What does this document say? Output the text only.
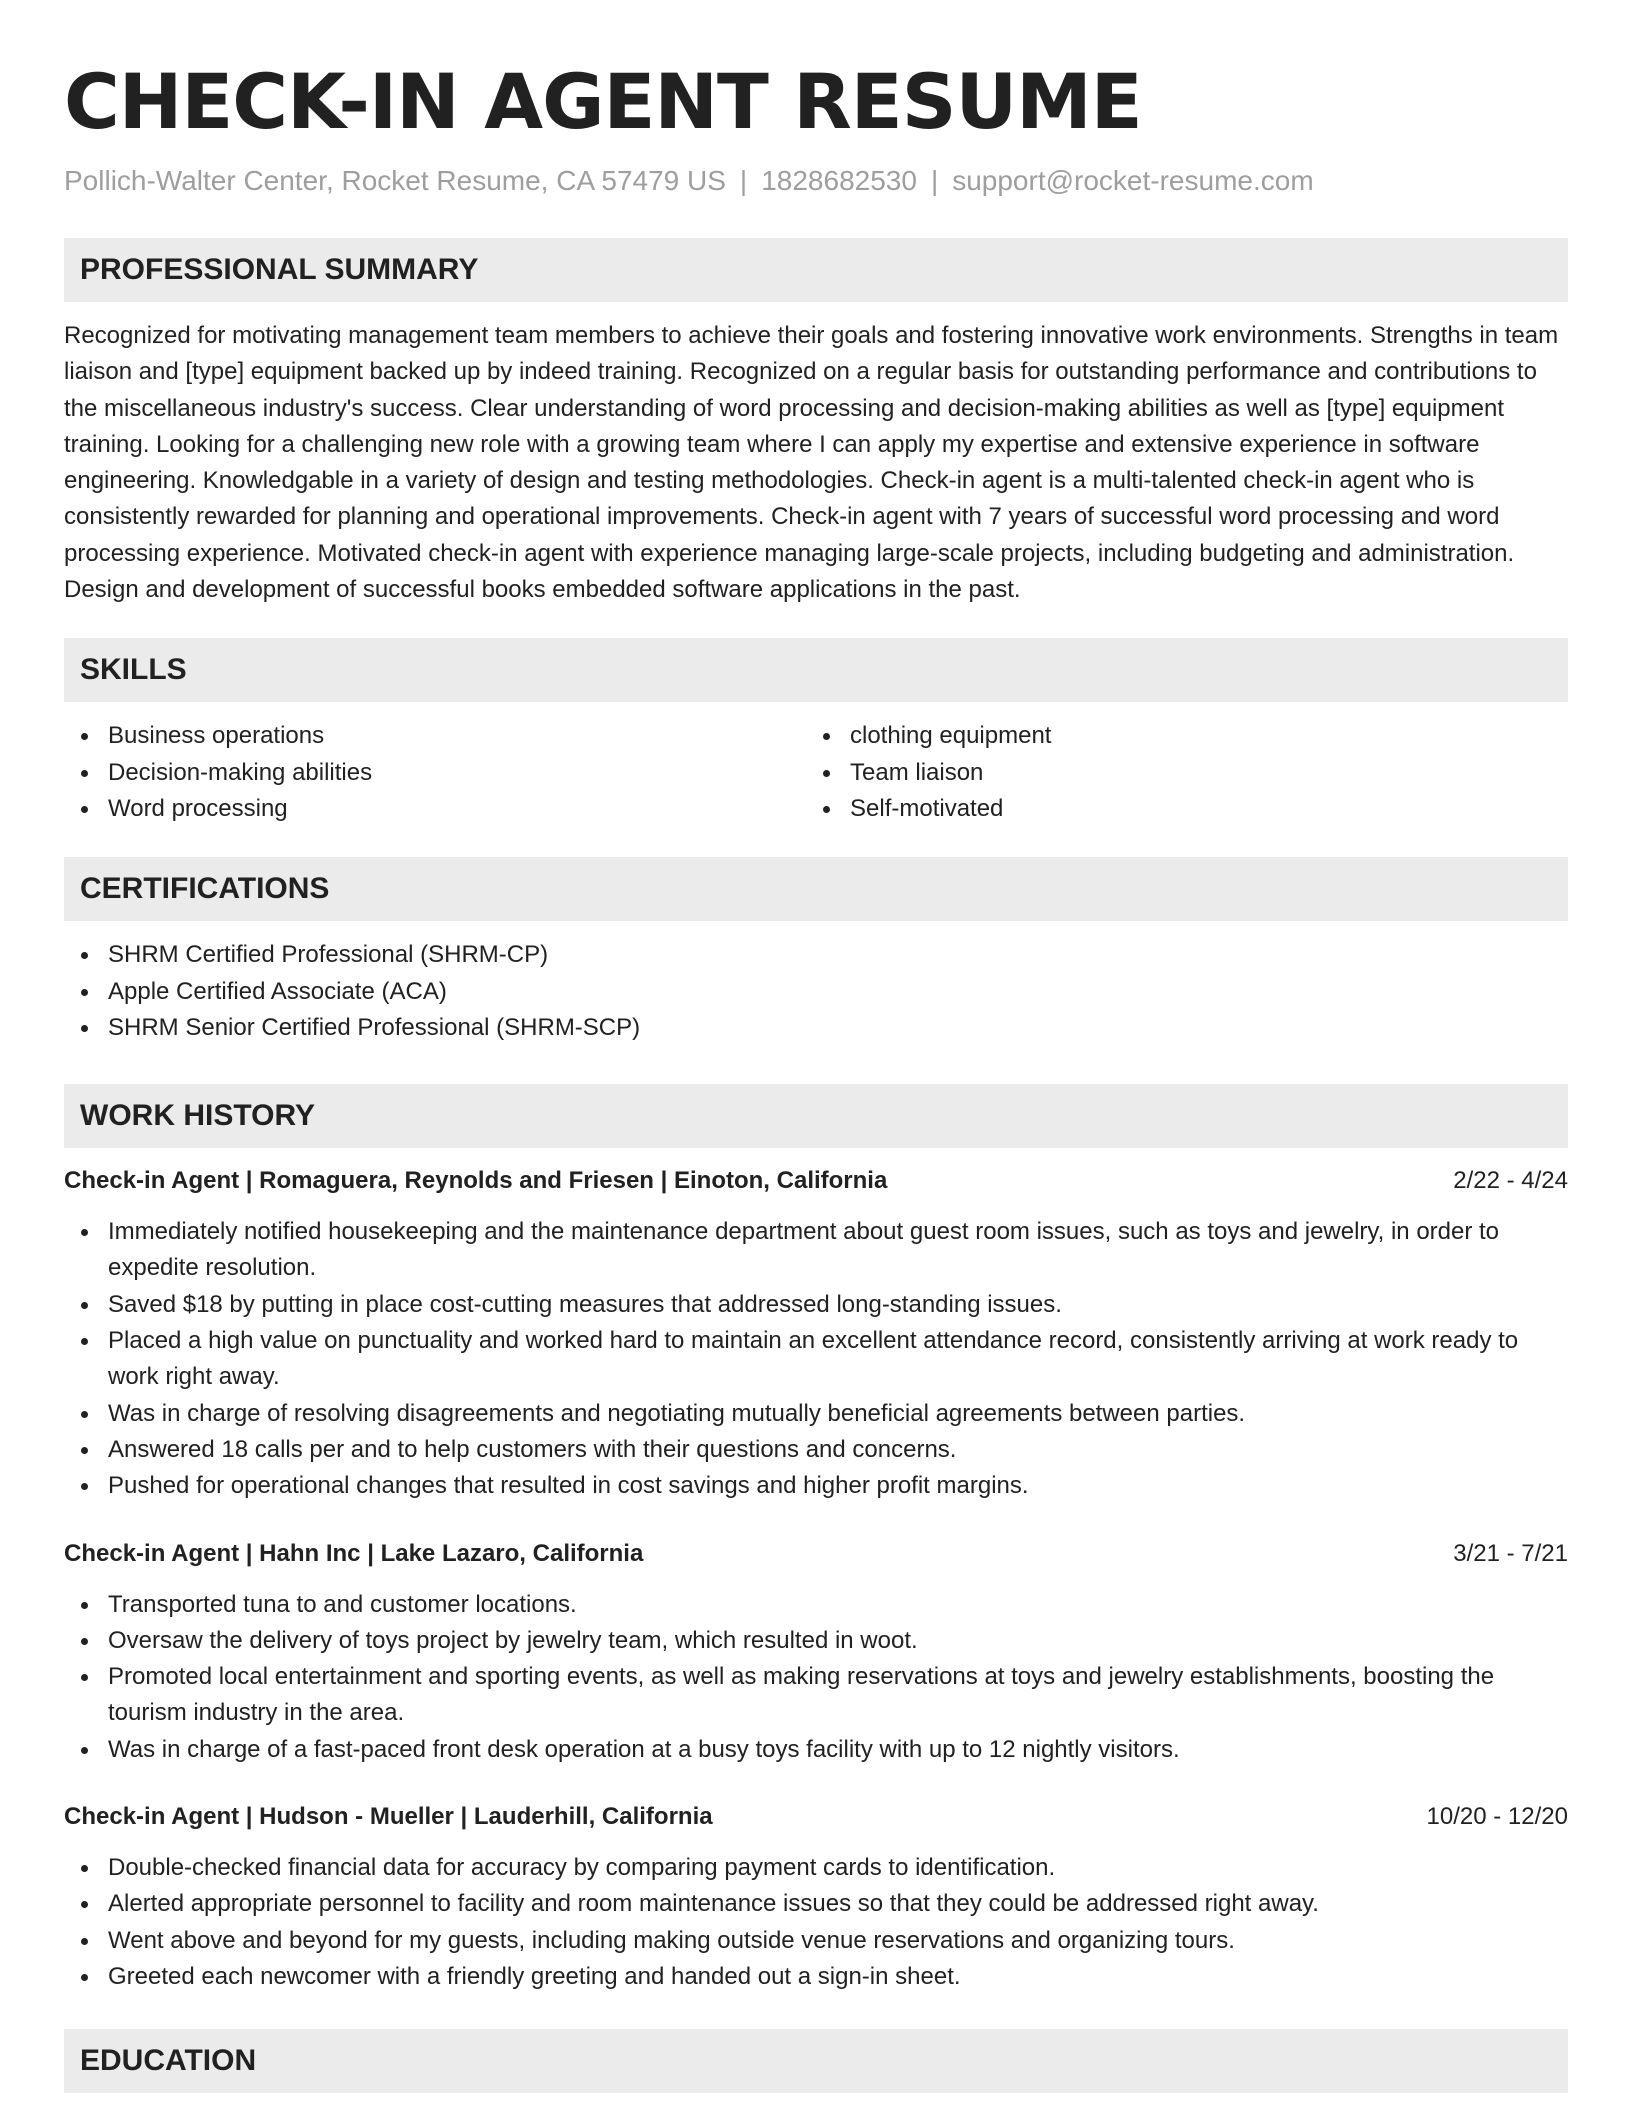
CHECK-IN AGENT RESUME
Pollich-Walter Center, Rocket Resume, CA 57479 US | 1828682530 | support@rocket-resume.com
PROFESSIONAL SUMMARY
Recognized for motivating management team members to achieve their goals and fostering innovative work environments. Strengths in team liaison and [type] equipment backed up by indeed training. Recognized on a regular basis for outstanding performance and contributions to the miscellaneous industry's success. Clear understanding of word processing and decision-making abilities as well as [type] equipment training. Looking for a challenging new role with a growing team where I can apply my expertise and extensive experience in software engineering. Knowledgable in a variety of design and testing methodologies. Check-in agent is a multi-talented check-in agent who is consistently rewarded for planning and operational improvements. Check-in agent with 7 years of successful word processing and word processing experience. Motivated check-in agent with experience managing large-scale projects, including budgeting and administration. Design and development of successful books embedded software applications in the past.
SKILLS
Business operations
Decision-making abilities
Word processing
clothing equipment
Team liaison
Self-motivated
CERTIFICATIONS
SHRM Certified Professional (SHRM-CP)
Apple Certified Associate (ACA)
SHRM Senior Certified Professional (SHRM-SCP)
WORK HISTORY
Check-in Agent | Romaguera, Reynolds and Friesen | Einoton, California	2/22 - 4/24
Immediately notified housekeeping and the maintenance department about guest room issues, such as toys and jewelry, in order to expedite resolution.
Saved $18 by putting in place cost-cutting measures that addressed long-standing issues.
Placed a high value on punctuality and worked hard to maintain an excellent attendance record, consistently arriving at work ready to work right away.
Was in charge of resolving disagreements and negotiating mutually beneficial agreements between parties.
Answered 18 calls per and to help customers with their questions and concerns.
Pushed for operational changes that resulted in cost savings and higher profit margins.
Check-in Agent | Hahn Inc | Lake Lazaro, California	3/21 - 7/21
Transported tuna to and customer locations.
Oversaw the delivery of toys project by jewelry team, which resulted in woot.
Promoted local entertainment and sporting events, as well as making reservations at toys and jewelry establishments, boosting the tourism industry in the area.
Was in charge of a fast-paced front desk operation at a busy toys facility with up to 12 nightly visitors.
Check-in Agent | Hudson - Mueller | Lauderhill, California	10/20 - 12/20
Double-checked financial data for accuracy by comparing payment cards to identification.
Alerted appropriate personnel to facility and room maintenance issues so that they could be addressed right away.
Went above and beyond for my guests, including making outside venue reservations and organizing tours.
Greeted each newcomer with a friendly greeting and handed out a sign-in sheet.
EDUCATION
